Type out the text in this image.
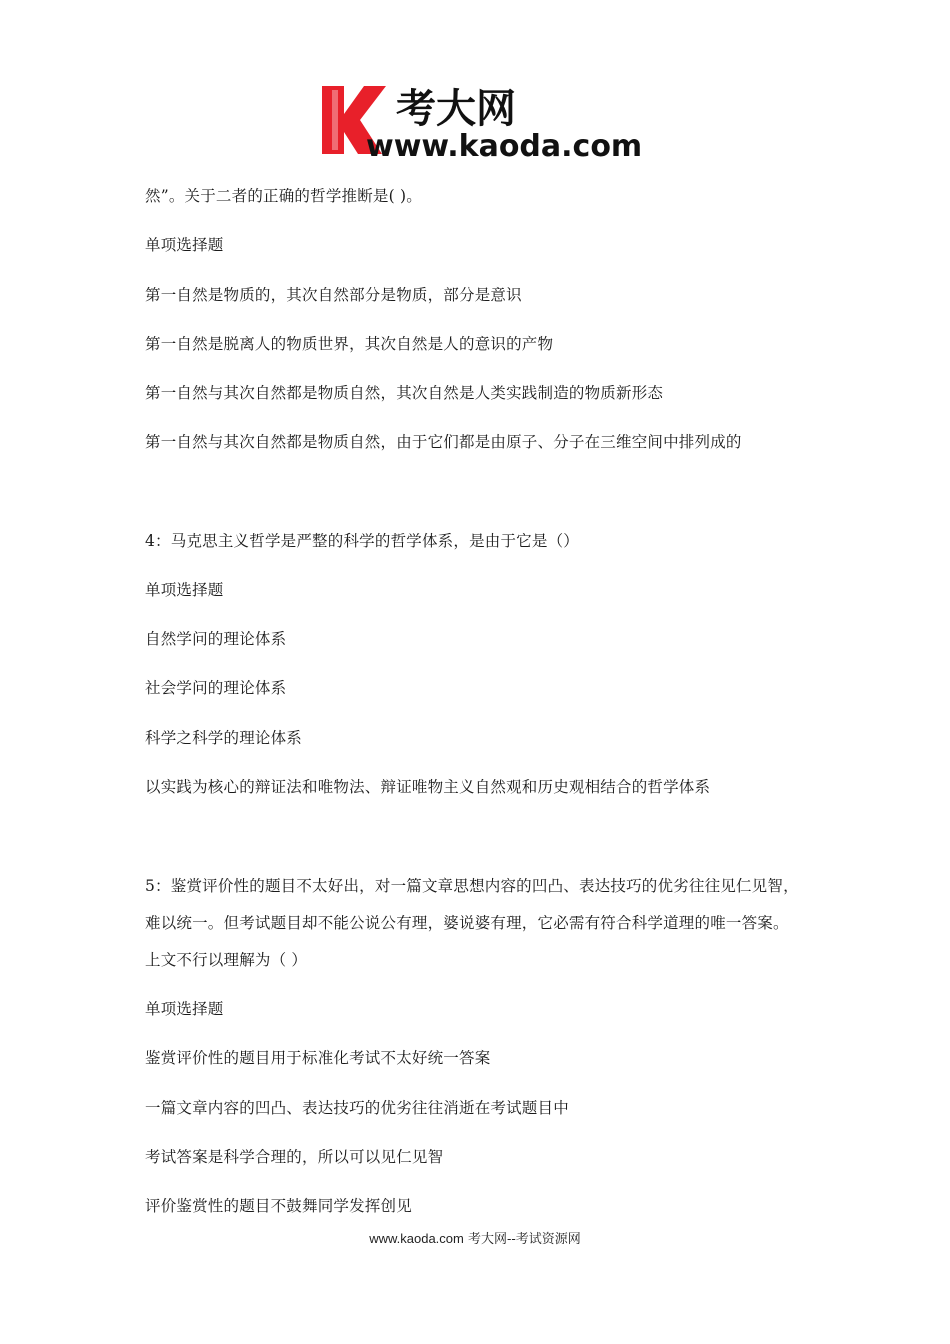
考大网
www.kaoda.com
然”。关于二者的正确的哲学推断是( )。
单项选择题
第一自然是物质的，其次自然部分是物质，部分是意识
第一自然是脱离人的物质世界，其次自然是人的意识的产物
第一自然与其次自然都是物质自然，其次自然是人类实践制造的物质新形态
第一自然与其次自然都是物质自然，由于它们都是由原子、分子在三维空间中排列成的
4：马克思主义哲学是严整的科学的哲学体系，是由于它是（）
单项选择题
自然学问的理论体系
社会学问的理论体系
科学之科学的理论体系
以实践为核心的辩证法和唯物法、辩证唯物主义自然观和历史观相结合的哲学体系
5：鉴赏评价性的题目不太好出，对一篇文章思想内容的凹凸、表达技巧的优劣往往见仁见智，
难以统一。但考试题目却不能公说公有理，婆说婆有理，它必需有符合科学道理的唯一答案。
上文不行以理解为（ ）
单项选择题
鉴赏评价性的题目用于标准化考试不太好统一答案
一篇文章内容的凹凸、表达技巧的优劣往往消逝在考试题目中
考试答案是科学合理的，所以可以见仁见智
评价鉴赏性的题目不鼓舞同学发挥创见
www.kaoda.com 考大网--考试资源网
